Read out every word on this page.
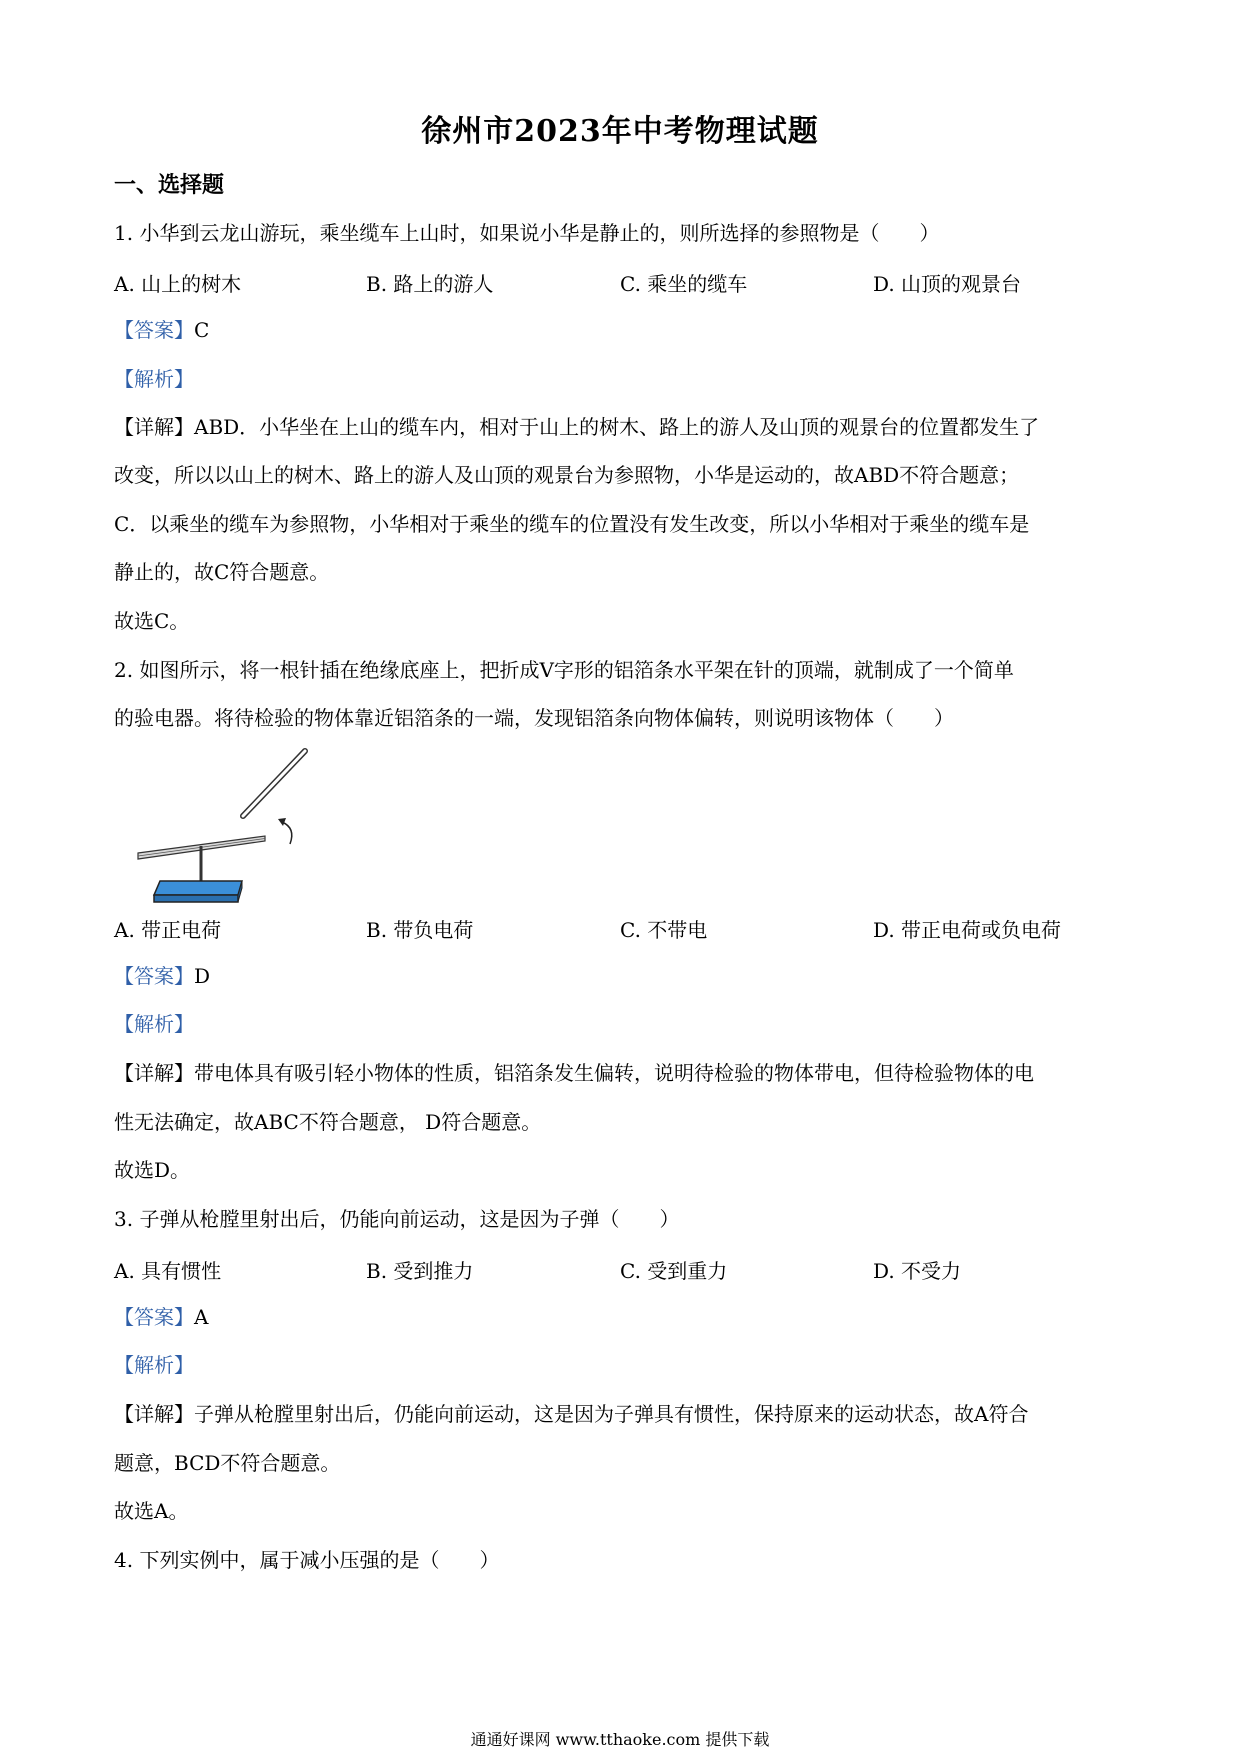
徐州市2023年中考物理试题
一、选择题
1. 小华到云龙山游玩，乘坐缆车上山时，如果说小华是静止的，则所选择的参照物是（　　）
A. 山上的树木	B. 路上的游人	C. 乘坐的缆车	D. 山顶的观景台
【答案】C
【解析】
【详解】ABD．小华坐在上山的缆车内，相对于山上的树木、路上的游人及山顶的观景台的位置都发生了
改变，所以以山上的树木、路上的游人及山顶的观景台为参照物，小华是运动的，故ABD不符合题意；
C．以乘坐的缆车为参照物，小华相对于乘坐的缆车的位置没有发生改变，所以小华相对于乘坐的缆车是
静止的，故C符合题意。
故选C。
2. 如图所示，将一根针插在绝缘底座上，把折成V字形的铝箔条水平架在针的顶端，就制成了一个简单
的验电器。将待检验的物体靠近铝箔条的一端，发现铝箔条向物体偏转，则说明该物体（　　）
A. 带正电荷	B. 带负电荷	C. 不带电	D. 带正电荷或负电荷
【答案】D
【解析】
【详解】带电体具有吸引轻小物体的性质，铝箔条发生偏转，说明待检验的物体带电，但待检验物体的电
性无法确定，故ABC不符合题意， D符合题意。
故选D。
3. 子弹从枪膛里射出后，仍能向前运动，这是因为子弹（　　）
A. 具有惯性	B. 受到推力	C. 受到重力	D. 不受力
【答案】A
【解析】
【详解】子弹从枪膛里射出后，仍能向前运动，这是因为子弹具有惯性，保持原来的运动状态，故A符合
题意，BCD不符合题意。
故选A。
4. 下列实例中，属于减小压强的是（　　）
通通好课网 www.tthaoke.com 提供下载
